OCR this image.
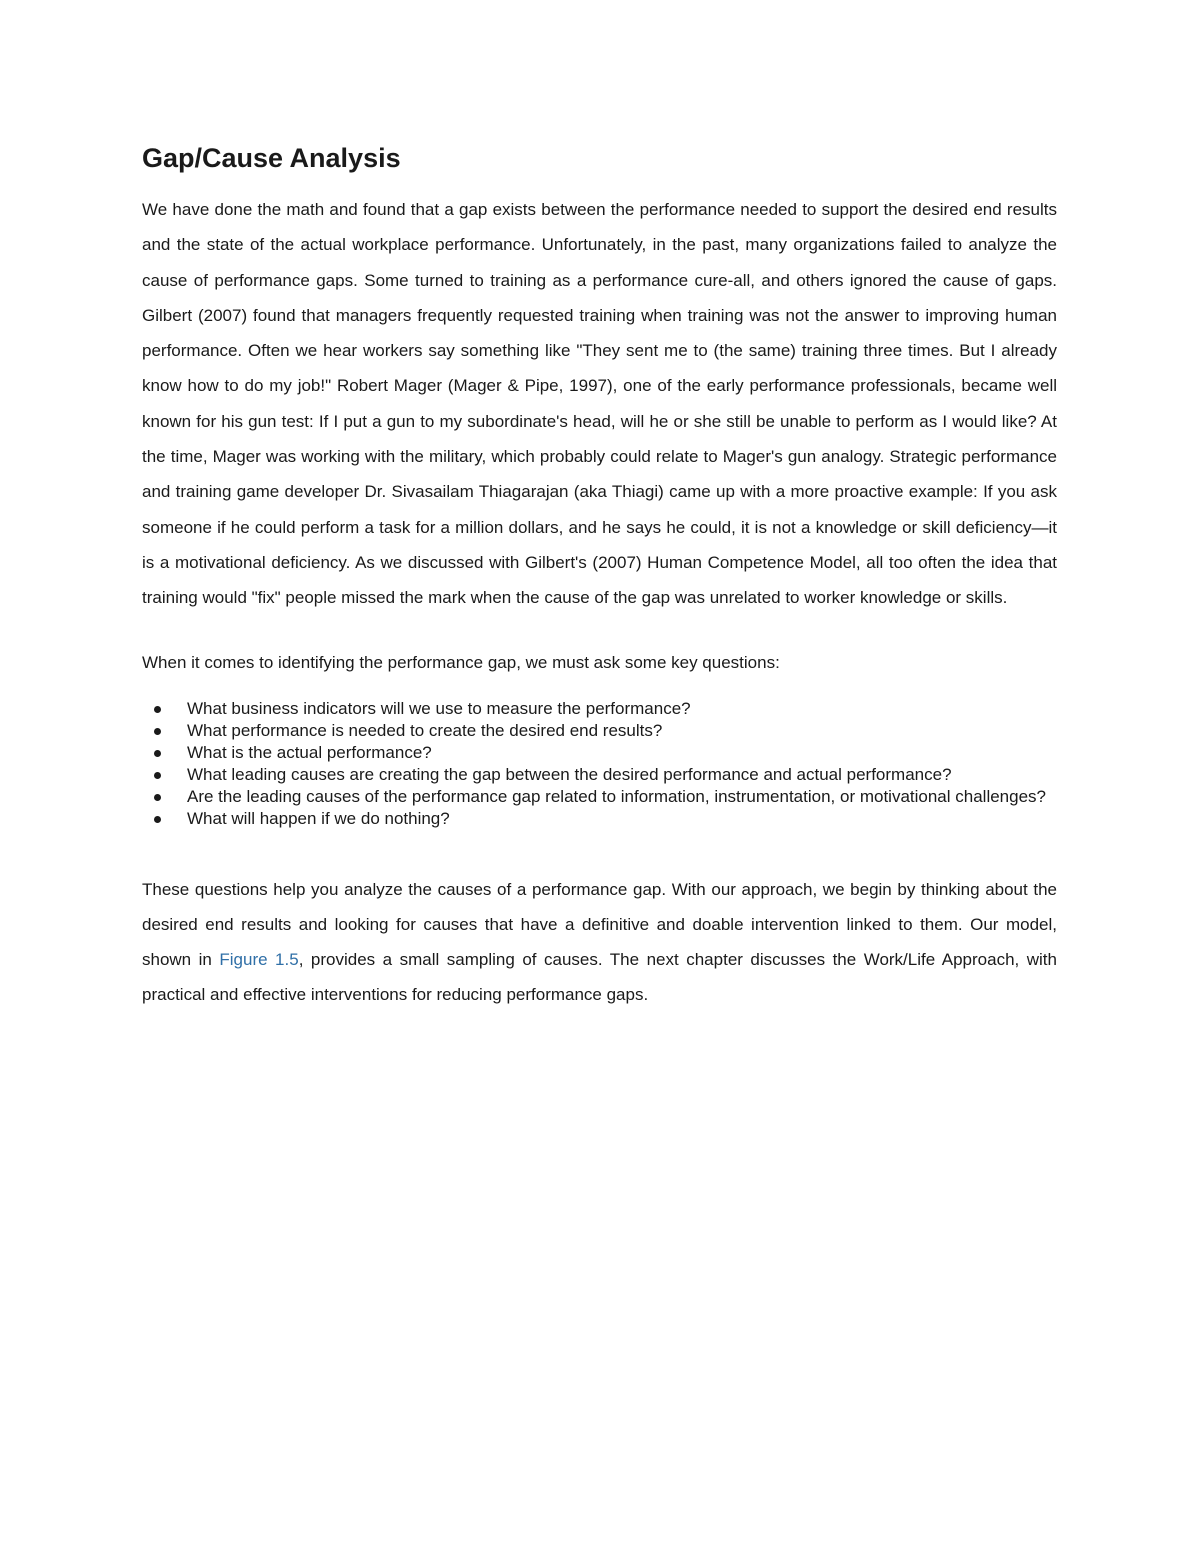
Gap/Cause Analysis

We have done the math and found that a gap exists between the performance needed to support the desired end results and the state of the actual workplace performance. Unfortunately, in the past, many organizations failed to analyze the cause of performance gaps. Some turned to training as a performance cure-all, and others ignored the cause of gaps. Gilbert (2007) found that managers frequently requested training when training was not the answer to improving human performance. Often we hear workers say something like "They sent me to (the same) training three times. But I already know how to do my job!" Robert Mager (Mager & Pipe, 1997), one of the early performance professionals, became well known for his gun test: If I put a gun to my subordinate's head, will he or she still be unable to perform as I would like? At the time, Mager was working with the military, which probably could relate to Mager's gun analogy. Strategic performance and training game developer Dr. Sivasailam Thiagarajan (aka Thiagi) came up with a more proactive example: If you ask someone if he could perform a task for a million dollars, and he says he could, it is not a knowledge or skill deficiency—it is a motivational deficiency. As we discussed with Gilbert's (2007) Human Competence Model, all too often the idea that training would "fix" people missed the mark when the cause of the gap was unrelated to worker knowledge or skills.

When it comes to identifying the performance gap, we must ask some key questions:

What business indicators will we use to measure the performance?
What performance is needed to create the desired end results?
What is the actual performance?
What leading causes are creating the gap between the desired performance and actual performance?
Are the leading causes of the performance gap related to information, instrumentation, or motivational challenges?
What will happen if we do nothing?

These questions help you analyze the causes of a performance gap. With our approach, we begin by thinking about the desired end results and looking for causes that have a definitive and doable intervention linked to them. Our model, shown in Figure 1.5, provides a small sampling of causes. The next chapter discusses the Work/Life Approach, with practical and effective interventions for reducing performance gaps.
